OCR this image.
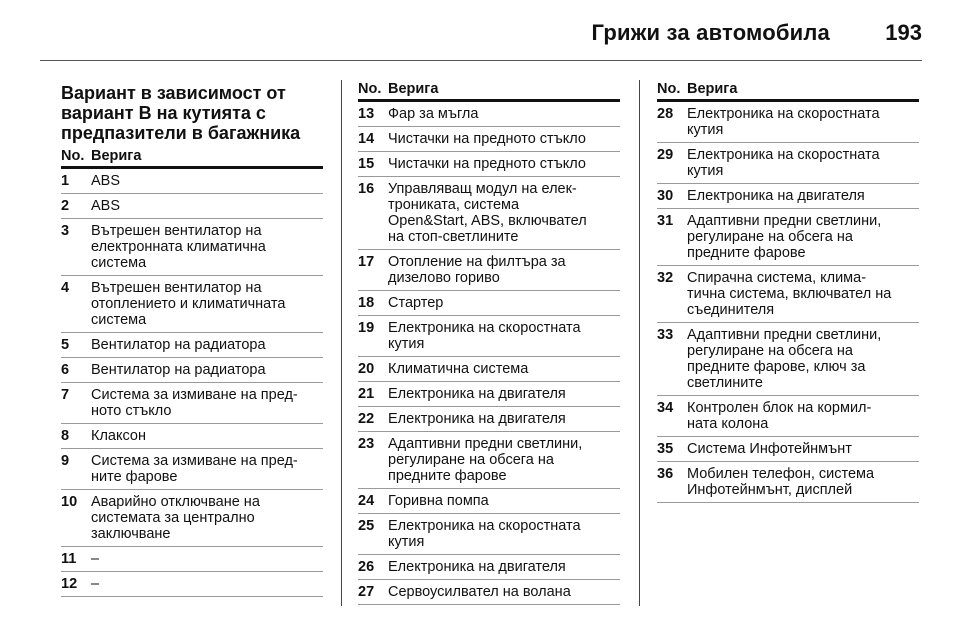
Грижи за автомобила	193
Вариант в зависимост от вариант B на кутията с предпазители в багажника
No. Верига
1	ABS
2	ABS
3	Вътрешен вентилатор на
електронната климатична
система
4	Вътрешен вентилатор на
отоплението и климатичната
система
5	Вентилатор на радиатора
6	Вентилатор на радиатора
7	Система за измиване на пред-
ното стъкло
8	Клаксон
9	Система за измиване на пред-
ните фарове
10 Аварийно отключване на
системата за централно
заключване
11	–
12 –
No. Верига
13 Фар за мъгла
14 Чистачки на предното стъкло
15 Чистачки на предното стъкло
16 Управляващ модул на елек-
трониката, система
Open&Start, ABS, включвател
на стоп-светлините
17 Отопление на филтъра за
дизелово гориво
18 Стартер
19 Електроника на скоростната
кутия
20 Климатична система
21 Електроника на двигателя
22 Електроника на двигателя
23 Адаптивни предни светлини,
регулиране на обсега на
предните фарове
24 Горивна помпа
25 Електроника на скоростната
кутия
26 Електроника на двигателя
27 Сервоусилвател на волана
No. Верига
28 Електроника на скоростната
кутия
29 Електроника на скоростната
кутия
30 Електроника на двигателя
31 Адаптивни предни светлини,
регулиране на обсега на
предните фарове
32 Спирачна система, клима-
тична система, включвател на
съединителя
33 Адаптивни предни светлини,
регулиране на обсега на
предните фарове, ключ за
светлините
34 Контролен блок на кормил-
ната колона
35 Система Инфотейнмънт
36 Мобилен телефон, система
Инфотейнмънт, дисплей
